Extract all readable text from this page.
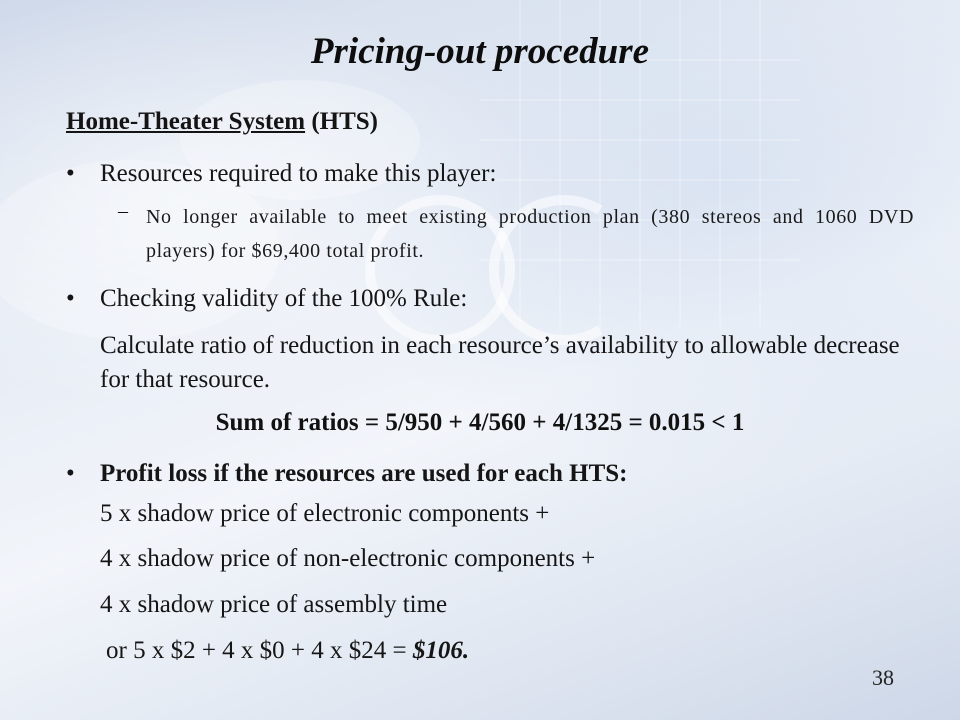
Pricing-out procedure
Home-Theater System (HTS)
• Resources required to make this player:
– No longer available to meet existing production plan (380 stereos and 1060 DVD players) for $69,400 total profit.
• Checking validity of the 100% Rule:
Calculate ratio of reduction in each resource’s availability to allowable decrease for that resource.
Sum of ratios = 5/950 + 4/560 + 4/1325 = 0.015 < 1
• Profit loss if the resources are used for each HTS:
5 x shadow price of electronic components +
4 x shadow price of non-electronic components +
4 x shadow price of assembly time
or 5 x $2 + 4 x $0 + 4 x $24 = $106.
38
